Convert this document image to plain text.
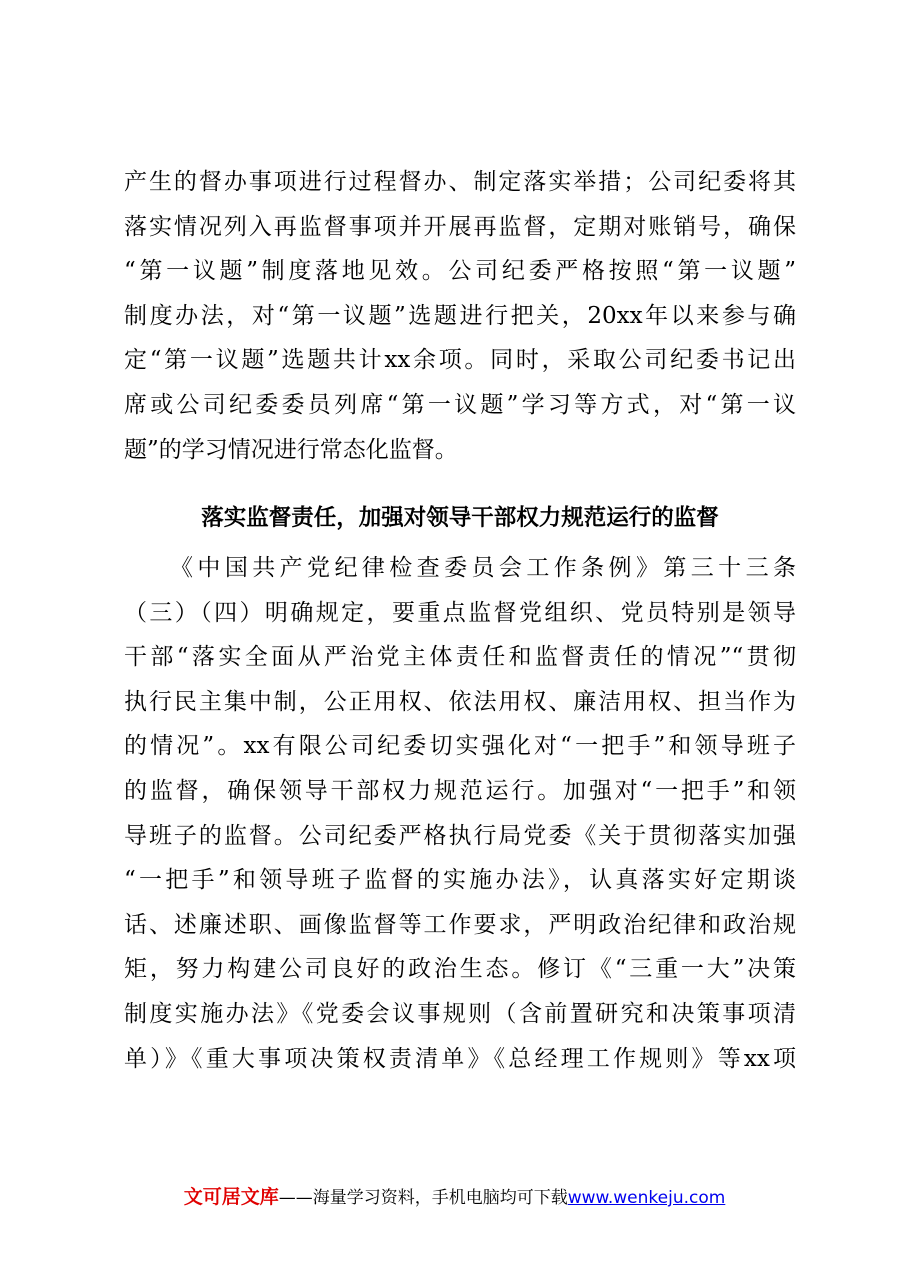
产生的督办事项进行过程督办、制定落实举措；公司纪委将其
落实情况列入再监督事项并开展再监督，定期对账销号，确保
“第一议题”制度落地见效。公司纪委严格按照“第一议题”
制度办法，对“第一议题”选题进行把关，20xx年以来参与确
定“第一议题”选题共计xx余项。同时，采取公司纪委书记出
席或公司纪委委员列席“第一议题”学习等方式，对“第一议
题”的学习情况进行常态化监督。
落实监督责任，加强对领导干部权力规范运行的监督
《中国共产党纪律检查委员会工作条例》第三十三条
（三）（四）明确规定，要重点监督党组织、党员特别是领导
干部“落实全面从严治党主体责任和监督责任的情况”“贯彻
执行民主集中制，公正用权、依法用权、廉洁用权、担当作为
的情况”。xx有限公司纪委切实强化对“一把手”和领导班子
的监督，确保领导干部权力规范运行。加强对“一把手”和领
导班子的监督。公司纪委严格执行局党委《关于贯彻落实加强
“一把手”和领导班子监督的实施办法》，认真落实好定期谈
话、述廉述职、画像监督等工作要求，严明政治纪律和政治规
矩，努力构建公司良好的政治生态。修订《“三重一大”决策
制度实施办法》《党委会议事规则（含前置研究和决策事项清
单）》《重大事项决策权责清单》《总经理工作规则》等xx项
文可居文库——海量学习资料，手机电脑均可下载www.wenkeju.com
